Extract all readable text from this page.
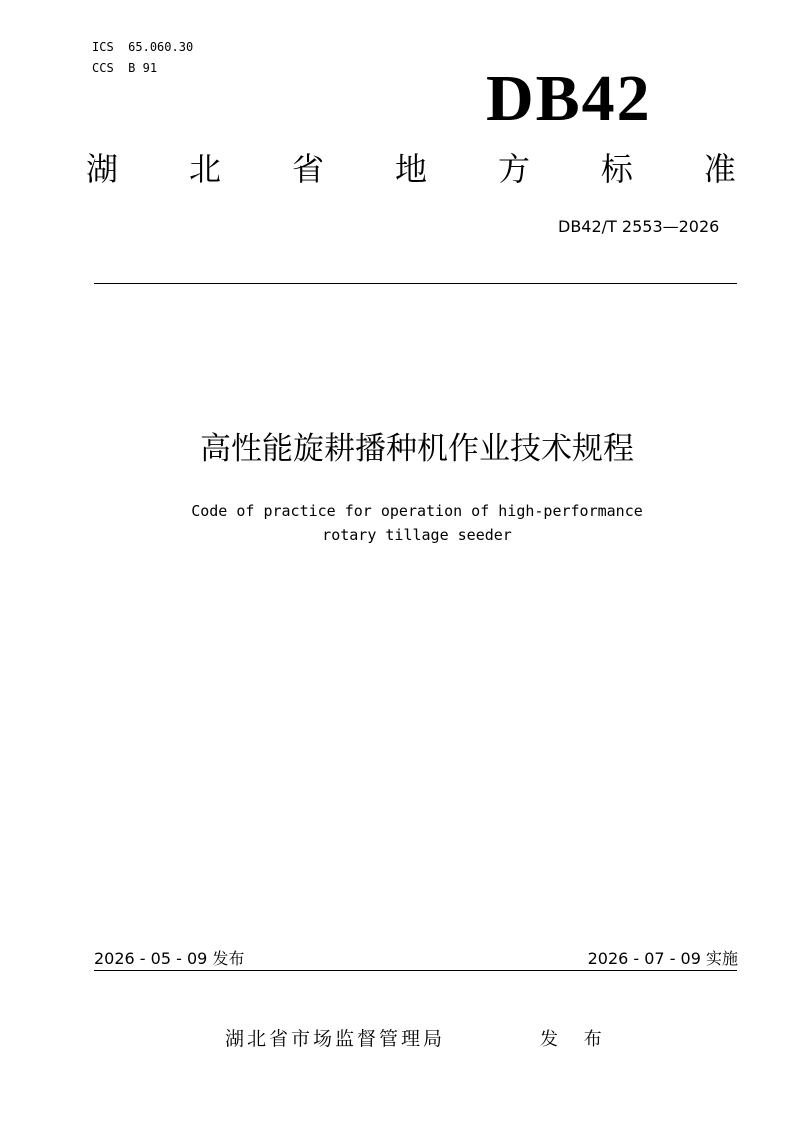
ICS 65.060.30
CCS B 91	DB42
湖 北 省 地 方 标 准
DB42/T 2553—2026
高性能旋耕播种机作业技术规程
Code of practice for operation of high-performance
rotary tillage seeder
2026 - 05 - 09 发布	2026 - 07 - 09 实施
湖北省市场监督管理局	发 布
